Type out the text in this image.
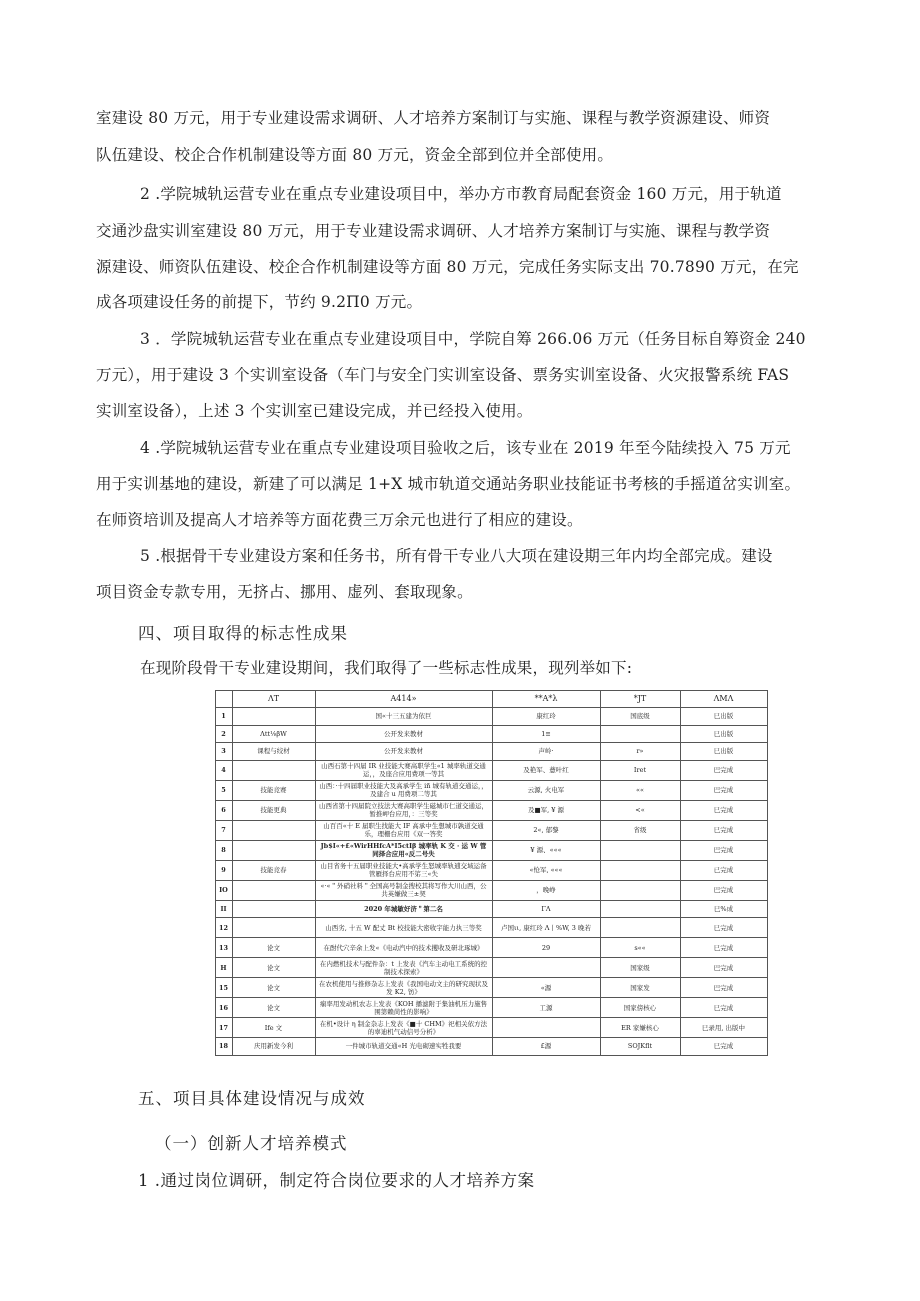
室建设 80 万元，用于专业建设需求调研、人才培养方案制订与实施、课程与教学资源建设、师资
队伍建设、校企合作机制建设等方面 80 万元，资金全部到位并全部使用。
2 .学院城轨运营专业在重点专业建设项目中，举办方市教育局配套资金 160 万元，用于轨道
交通沙盘实训室建设 80 万元，用于专业建设需求调研、人才培养方案制订与实施、课程与教学资
源建设、师资队伍建设、校企合作机制建设等方面 80 万元，完成任务实际支出 70.7890 万元，在完
成各项建设任务的前提下，节约 9.2Π0 万元。
3 ．学院城轨运营专业在重点专业建设项目中，学院自筹 266.06 万元（任务目标自筹资金 240
万元），用于建设 3 个实训室设备（车门与安全门实训室设备、票务实训室设备、火灾报警系统 FAS
实训室设备），上述 3 个实训室已建设完成，并已经投入使用。
4 .学院城轨运营专业在重点专业建设项目验收之后，该专业在 2019 年至今陆续投入 75 万元
用于实训基地的建设，新建了可以满足 1+X 城市轨道交通站务职业技能证书考核的手摇道岔实训室。
在师资培训及提高人才培养等方面花费三万余元也进行了相应的建设。
5 .根据骨干专业建设方案和任务书，所有骨干专业八大项在建设期三年内均全部完成。建设
项目资金专款专用，无挤占、挪用、虚列、套取现象。
四、项目取得的标志性成果
在现阶段骨干专业建设期间，我们取得了一些标志性成果，现列举如下:
		ΛT	A414»	**A*λ	*JT	ΛMΛ
	1		国«十三五建为依巨	康红玲	国底级	巳出版
	2	Λtt⅛βW	公开发来教材	1≡		巳出版
	3	课程与绞材	公开发来教材	声岭·	r»	巳出版
	4		山西石第十四届 IR 业技能大赛高职学生«1 城率轨道交通运，，及座合应用费项一等其	及艳军、薏叶红	Iret	巴完成
	5	技能竞赛	山西：·十四届职业技能大及高承学生 iñ 城有轨道交通运，，及建合 u 用费项二等其	云源, 火电军	««	巴完成
	6	技能更典	山西省第十四届院立技法大赛高职学生磁城市仁道交通运，暂推岬台应用，：三等奖	及■军, ¥ 源	<«	巳完成
	7		山百百«十 E 届职生找能大 IF 高承中生想城市孰道交通乐，理栅台应用《双一答奖	2«, 郁黎	省级	巳完成
	8		Jb$I«+£«WirHHfcA*I5ctIβ 城率轨 K 交 · 运 W 管同择合应用«反二号失	¥ 源、«««		巴完成
	9	技能竞春	山目省务十五届职业技能大•高承学生怒城率轨逋交域运备管雁择台应用不笫三«失	«怆军, «««		已完成
	IO		«·«＂外硝社料＂全国高号制金搜校其将写作大川山西，公共英嫌做三±契	，晚峥		巴完成
	II		2020 年城敏好济＂第二名	ΓΛ		巳%成
	12		山西劣, 十五 W 配丈 Bt 校技能大密收宇能力执三等奖	卢国ιι, 康红玲 Λ丨%W, 3 晚若		巳完成
	13	论文	在酎代穴辛余上发«《电动汽中的技术攫收及研北琢城》	29	s««	巳完成
	H	论文	在内燃机技术与配件杂：t 上发表《汽车主动电工系统的控制技术探索》		国家级	巴完成
	15	论文	在农机使用与推修杂志上发表《我国电动文主的研究现状及发 K2, 钫》	«源	国家发	巴完成
	16	论文	痫率用发动机农志上发表《KOH 播滤附于集油机压力施售围第赖苘性的影响》	工源	国家傍核心	巳完成
	17	Ife 文	在机•设计 η 制金杂志上发表《■十 CHM》祀相关依方法的辜迪机气动信号分析》		ER 家嫌核心	巳录用, 出版中
	18	庆用新发今利	一件城市轨道交通«H 光电砌速实牲我要	£源	SOJKflt	巳完成
五、项目具体建设情况与成效
（一）创新人才培养模式
1 .通过岗位调研，制定符合岗位要求的人才培养方案
